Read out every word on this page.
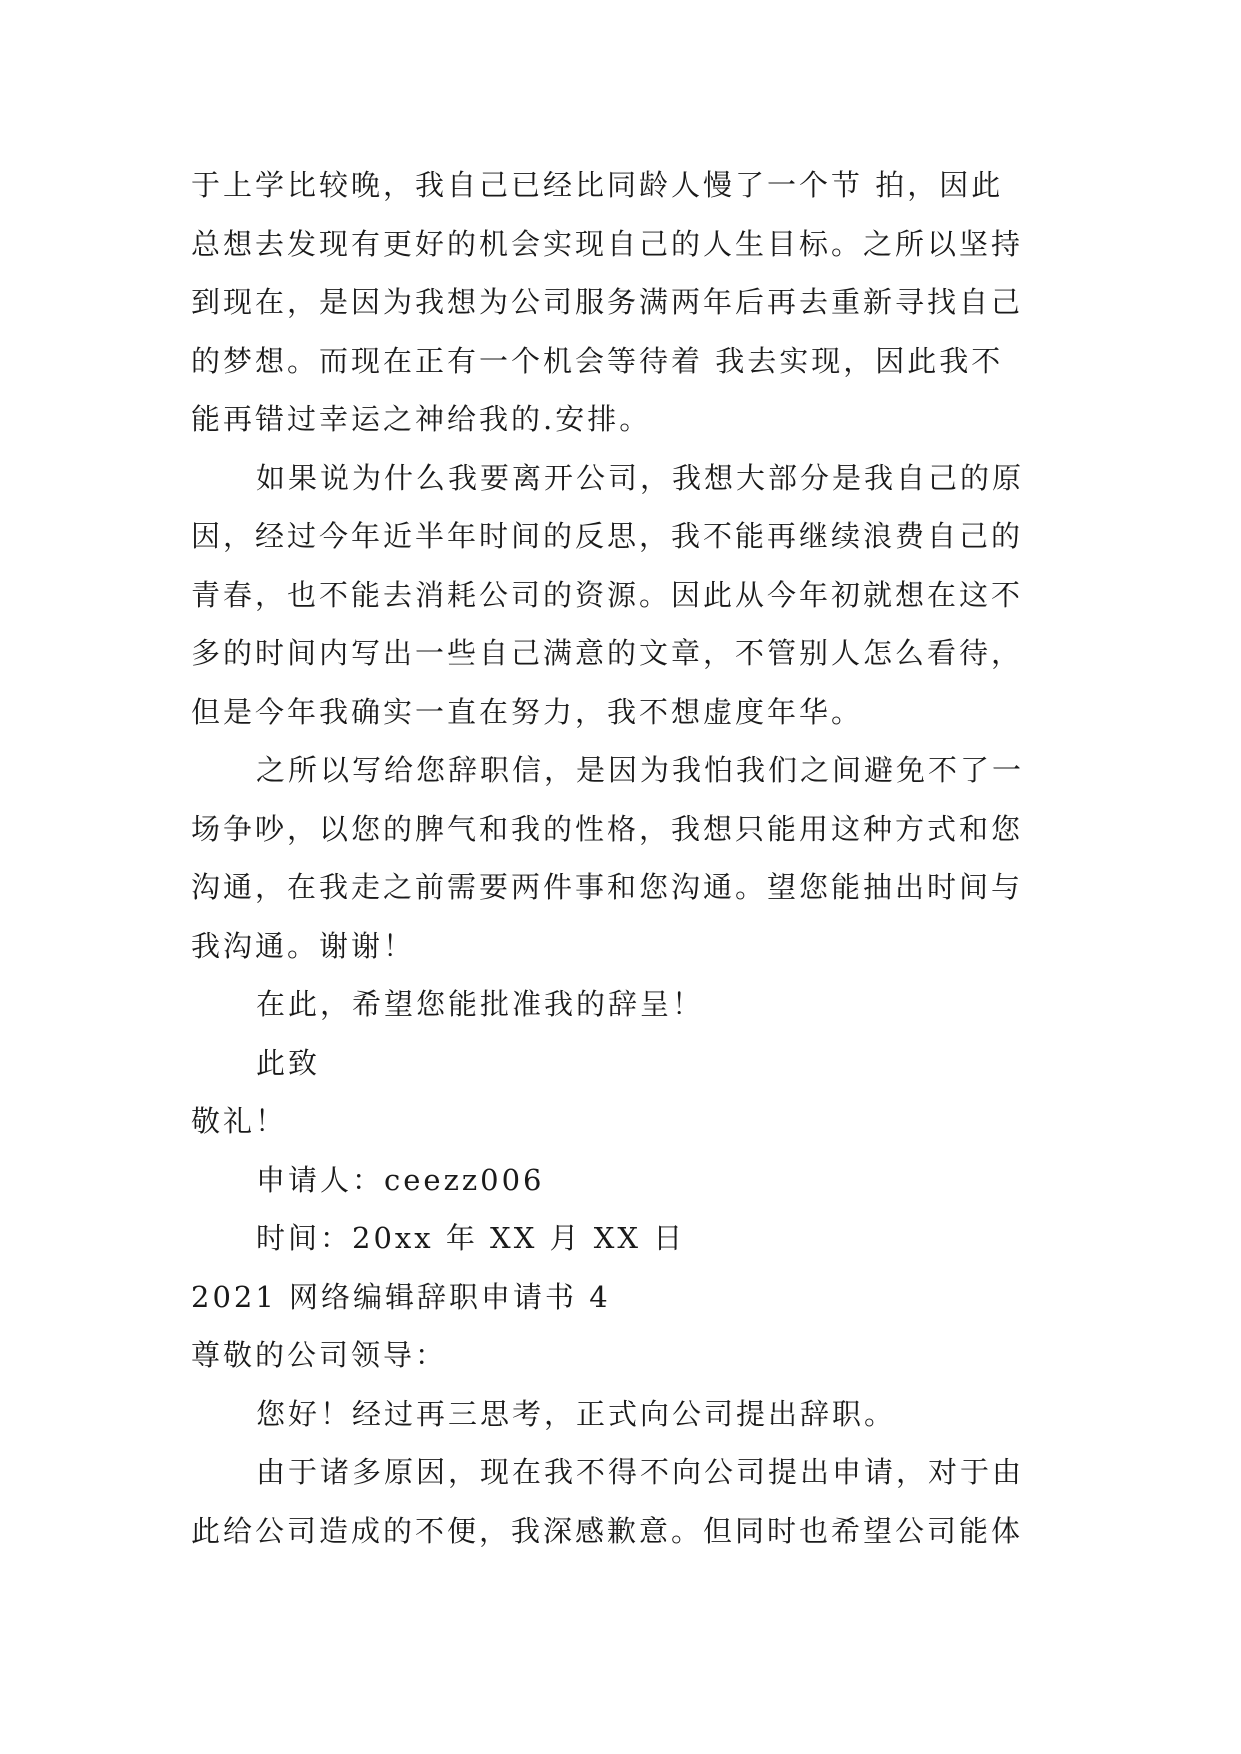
于上学比较晚，我自己已经比同龄人慢了一个节 拍，因此
总想去发现有更好的机会实现自己的人生目标。之所以坚持
到现在，是因为我想为公司服务满两年后再去重新寻找自己
的梦想。而现在正有一个机会等待着 我去实现，因此我不
能再错过幸运之神给我的.安排。
如果说为什么我要离开公司，我想大部分是我自己的原
因，经过今年近半年时间的反思，我不能再继续浪费自己的
青春，也不能去消耗公司的资源。因此从今年初就想在这不
多的时间内写出一些自己满意的文章，不管别人怎么看待，
但是今年我确实一直在努力，我不想虚度年华。
之所以写给您辞职信，是因为我怕我们之间避免不了一
场争吵，以您的脾气和我的性格，我想只能用这种方式和您
沟通，在我走之前需要两件事和您沟通。望您能抽出时间与
我沟通。谢谢！
在此，希望您能批准我的辞呈！
此致
敬礼！
申请人：ceezz006
时间：20xx 年 XX 月 XX 日
2021 网络编辑辞职申请书 4
尊敬的公司领导：
您好！经过再三思考，正式向公司提出辞职。
由于诸多原因，现在我不得不向公司提出申请，对于由
此给公司造成的不便，我深感歉意。但同时也希望公司能体
